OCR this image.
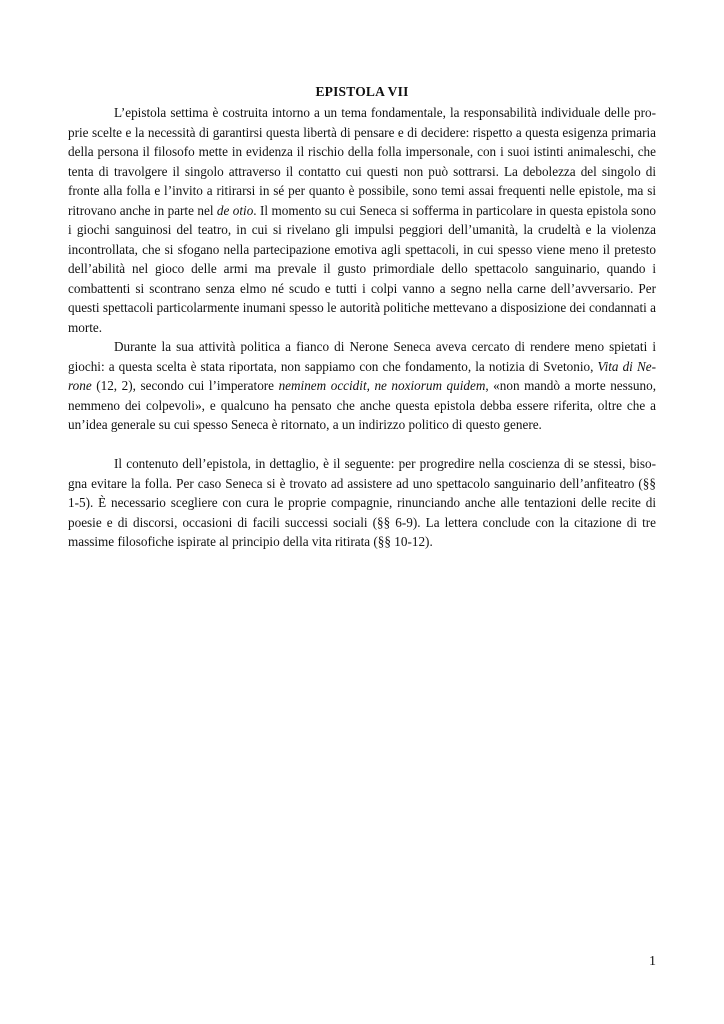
EPISTOLA VII

L’epistola settima è costruita intorno a un tema fondamentale, la responsabilità individuale delle proprie scelte e la necessità di garantirsi questa libertà di pensare e di decidere: rispetto a questa esigenza primaria della persona il filosofo mette in evidenza il rischio della folla impersonale, con i suoi istinti animaleschi, che tenta di travolgere il singolo attraverso il contatto cui questi non può sottrarsi. La debolezza del singolo di fronte alla folla e l’invito a ritirarsi in sé per quanto è possibile, sono temi assai frequenti nelle epistole, ma si ritrovano anche in parte nel de otio. Il momento su cui Seneca si sofferma in particolare in questa epistola sono i giochi sanguinosi del teatro, in cui si rivelano gli impulsi peggiori dell’umanità, la crudeltà e la violenza incontrollata, che si sfogano nella partecipazione emotiva agli spettacoli, in cui spesso viene meno il pretesto dell’abilità nel gioco delle armi ma prevale il gusto primordiale dello spettacolo sanguinario, quando i combattenti si scontrano senza elmo né scudo e tutti i colpi vanno a segno nella carne dell’avversario. Per questi spettacoli particolarmente inumani spesso le autorità politiche mettevano a disposizione dei condannati a morte.

Durante la sua attività politica a fianco di Nerone Seneca aveva cercato di rendere meno spietati i giochi: a questa scelta è stata riportata, non sappiamo con che fondamento, la notizia di Svetonio, Vita di Nerone (12, 2), secondo cui l’imperatore neminem occidit, ne noxiorum quidem, «non mandò a morte nessuno, nemmeno dei colpevoli», e qualcuno ha pensato che anche questa epistola debba essere riferita, oltre che a un’idea generale su cui spesso Seneca è ritornato, a un indirizzo politico di questo genere.

Il contenuto dell’epistola, in dettaglio, è il seguente: per progredire nella coscienza di se stessi, bisogna evitare la folla. Per caso Seneca si è trovato ad assistere ad uno spettacolo sanguinario dell’anfiteatro (§§ 1-5). È necessario scegliere con cura le proprie compagnie, rinunciando anche alle tentazioni delle recite di poesie e di discorsi, occasioni di facili successi sociali (§§ 6-9). La lettera conclude con la citazione di tre massime filosofiche ispirate al principio della vita ritirata (§§ 10-12).

1
